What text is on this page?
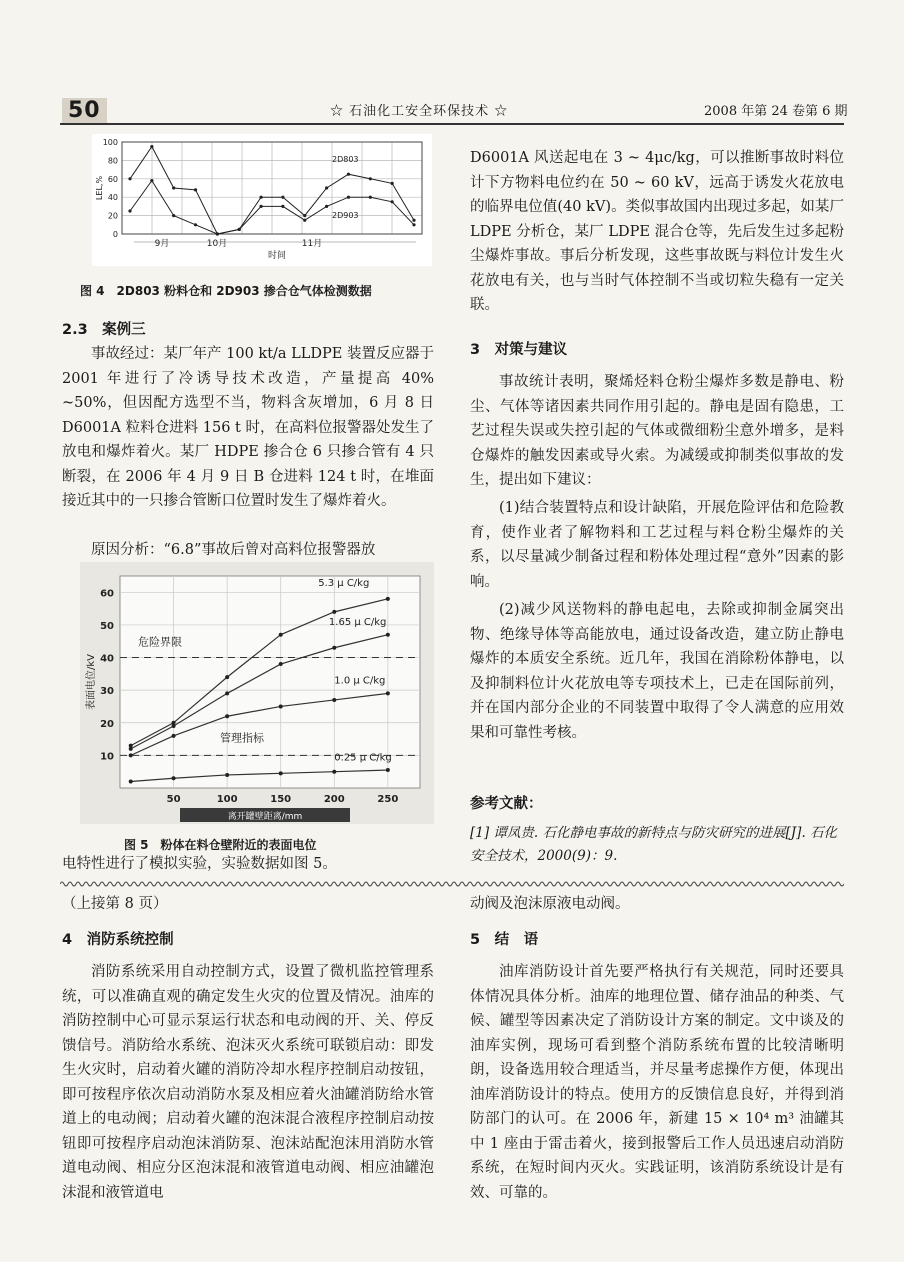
50	☆ 石油化工安全环保技术 ☆	2008 年第 24 卷第 6 期
0
20
40
60
80
100
LEL,%
9月	10月	11月
时间
2D803
2D903
图 4　2D803 粉料仓和 2D903 掺合仓气体检测数据
2.3　案例三
事故经过：某厂年产 100 kt/a LLDPE 装置反应器于 2001 年进行了冷诱导技术改造，产量提高 40% ~50%，但因配方选型不当，物料含灰增加，6 月 8 日 D6001A 粒料仓进料 156 t 时，在高料位报警器处发生了放电和爆炸着火。某厂 HDPE 掺合仓 6 只掺合管有 4 只断裂，在 2006 年 4 月 9 日 B 仓进料 124 t 时，在堆面接近其中的一只掺合管断口位置时发生了爆炸着火。
原因分析：“6.8”事故后曾对高料位报警器放
50	100	150	200	250
10
20
30
40
50
60
危险界限
管理指标
5.3 μ C/kg
1.65 μ C/kg
1.0 μ C/kg
0.25 μ C/kg
表面电位/kV
离开罐壁距离/mm
图 5　粉体在料仓壁附近的表面电位
电特性进行了模拟实验，实验数据如图 5。
D6001A 风送起电在 3 ~ 4μc/kg，可以推断事故时料位计下方物料电位约在 50 ~ 60 kV，远高于诱发火花放电的临界电位值(40 kV)。类似事故国内出现过多起，如某厂 LDPE 分析仓，某厂 LDPE 混合仓等，先后发生过多起粉尘爆炸事故。事后分析发现，这些事故既与料位计发生火花放电有关，也与当时气体控制不当或切粒失稳有一定关联。
3　对策与建议
事故统计表明，聚烯烃料仓粉尘爆炸多数是静电、粉尘、气体等诸因素共同作用引起的。静电是固有隐患，工艺过程失误或失控引起的气体或微细粉尘意外增多，是料仓爆炸的触发因素或导火索。为减缓或抑制类似事故的发生，提出如下建议：
(1)结合装置特点和设计缺陷，开展危险评估和危险教育，使作业者了解物料和工艺过程与料仓粉尘爆炸的关系，以尽量减少制备过程和粉体处理过程“意外”因素的影响。
(2)减少风送物料的静电起电，去除或抑制金属突出物、绝缘导体等高能放电，通过设备改造，建立防止静电爆炸的本质安全系统。近几年，我国在消除粉体静电，以及抑制料位计火花放电等专项技术上，已走在国际前列，并在国内部分企业的不同装置中取得了令人满意的应用效果和可靠性考核。
参考文献：
[1] 谭凤贵. 石化静电事故的新特点与防灾研究的进展[J]. 石化安全技术，2000(9)：9.
（上接第 8 页）
4　消防系统控制
消防系统采用自动控制方式，设置了微机监控管理系统，可以准确直观的确定发生火灾的位置及情况。油库的消防控制中心可显示泵运行状态和电动阀的开、关、停反馈信号。消防给水系统、泡沫灭火系统可联锁启动：即发生火灾时，启动着火罐的消防冷却水程序控制启动按钮，即可按程序依次启动消防水泵及相应着火油罐消防给水管道上的电动阀；启动着火罐的泡沫混合液程序控制启动按钮即可按程序启动泡沫消防泵、泡沫站配泡沫用消防水管道电动阀、相应分区泡沫混和液管道电动阀、相应油罐泡沫混和液管道电
动阀及泡沫原液电动阀。
5　结　语
油库消防设计首先要严格执行有关规范，同时还要具体情况具体分析。油库的地理位置、储存油品的种类、气候、罐型等因素决定了消防设计方案的制定。文中谈及的油库实例，现场可看到整个消防系统布置的比较清晰明朗，设备选用较合理适当，并尽量考虑操作方便，体现出油库消防设计的特点。使用方的反馈信息良好，并得到消防部门的认可。在 2006 年，新建 15 × 10⁴ m³ 油罐其中 1 座由于雷击着火，接到报警后工作人员迅速启动消防系统，在短时间内灭火。实践证明，该消防系统设计是有效、可靠的。
